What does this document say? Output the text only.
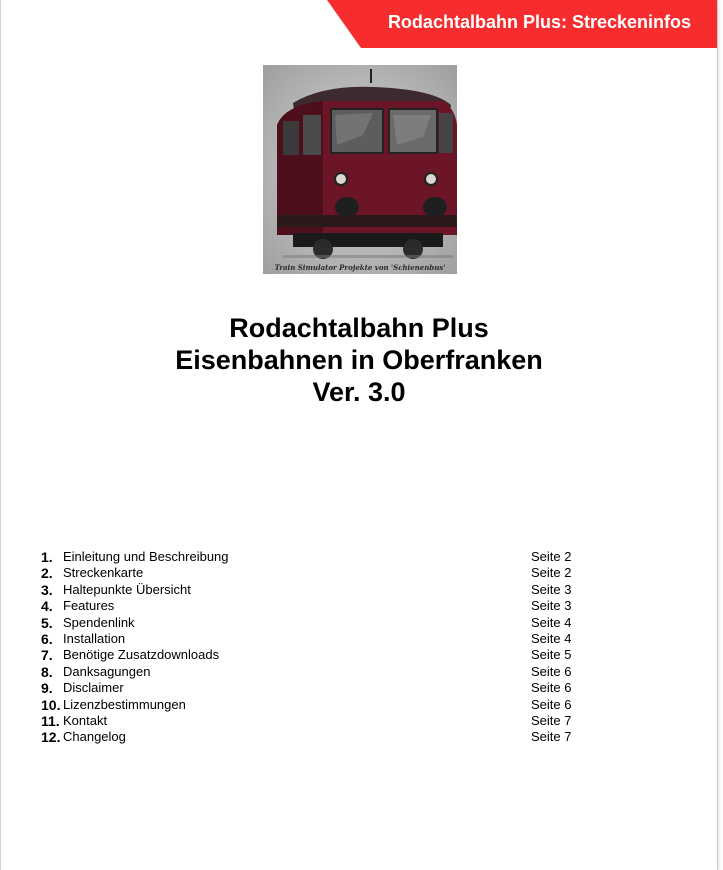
Rodachtalbahn Plus: Streckeninfos
Train Simulator Projekte von 'Schienenbus'
Rodachtalbahn Plus
Eisenbahnen in Oberfranken
Ver. 3.0
1. Einleitung und Beschreibung	Seite 2
2. Streckenkarte	Seite 2
3. Haltepunkte Übersicht	Seite 3
4. Features	Seite 3
5. Spendenlink	Seite 4
6. Installation	Seite 4
7. Benötige Zusatzdownloads	Seite 5
8. Danksagungen	Seite 6
9. Disclaimer	Seite 6
10. Lizenzbestimmungen	Seite 6
11. Kontakt	Seite 7
12. Changelog	Seite 7
